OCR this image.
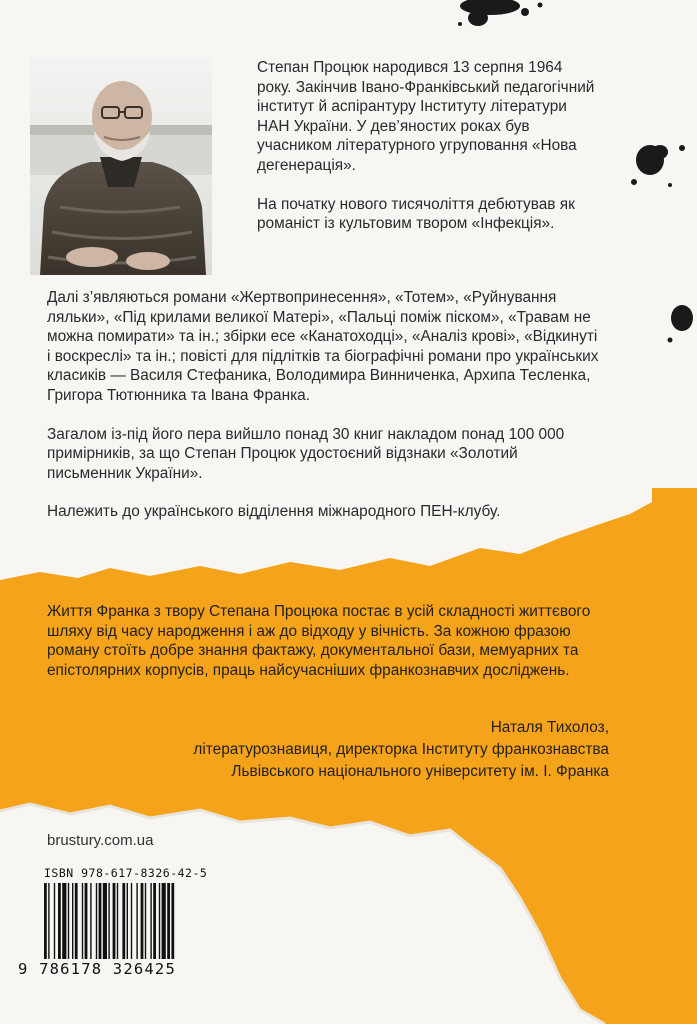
Степан Процюк народився 13 серпня 1964 року. Закінчив Івано-Франківський педагогічний інститут й аспірантуру Інституту літератури НАН України. У дев’яностих роках був учасником літературного угруповання «Нова дегенерація».

На початку нового тисячоліття дебютував як романіст із культовим твором «Інфекція».

Далі з’являються романи «Жертвопринесення», «Тотем», «Руйнування ляльки», «Під крилами великої Матері», «Пальці поміж піском», «Травам не можна помирати» та ін.; збірки есе «Канатоходці», «Аналіз крові», «Відкинуті і воскреслі» та ін.; повісті для підлітків та біографічні романи про українських класиків — Василя Стефаника, Володимира Винниченка, Архипа Тесленка, Григора Тютюнника та Івана Франка.

Загалом із-під його пера вийшло понад 30 книг накладом понад 100 000 примірників, за що Степан Процюк удостоєний відзнаки «Золотий письменник України».

Належить до українського відділення міжнародного ПЕН-клубу.

Життя Франка з твору Степана Процюка постає в усій складності життєвого шляху від часу народження і аж до відходу у вічність. За кожною фразою роману стоїть добре знання фактажу, документальної бази, мемуарних та епістолярних корпусів, праць найсучасніших франкознавчих досліджень.
Наталя Тихолоз,
літературознавиця, директорка Інституту франкознавства
Львівського національного університету ім. І. Франка
brustury.com.ua
ISBN 978-617-8326-42-5
9 786178 326425
